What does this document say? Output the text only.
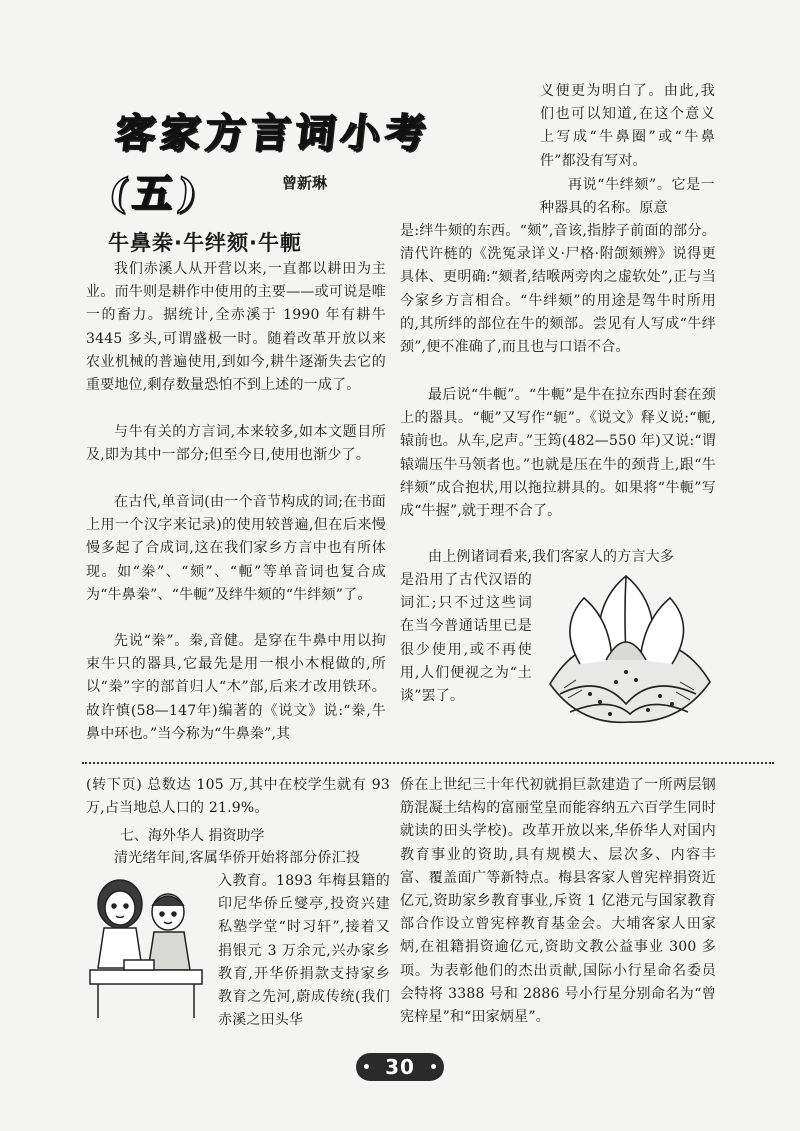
客家方言词小考(五)	曾新琳

牛鼻桊·牛绊颏·牛軛

我们赤溪人从开营以来,一直都以耕田为主业。而牛则是耕作中使用的主要——或可说是唯一的畜力。据统计,全赤溪于 1990 年有耕牛 3445 多头,可谓盛极一时。随着改革开放以来农业机械的普遍使用,到如今,耕牛逐渐失去它的重要地位,剩存数量恐怕不到上述的一成了。

与牛有关的方言词,本来较多,如本文题目所及,即为其中一部分;但至今日,使用也渐少了。

在古代,单音词(由一个音节构成的词;在书面上用一个汉字来记录)的使用较普遍,但在后来慢慢多起了合成词,这在我们家乡方言中也有所体现。如“桊”、“颏”、“軛”等单音词也复合成为“牛鼻桊”、“牛軛”及绊牛颏的“牛绊颏”了。

先说“桊”。桊,音健。是穿在牛鼻中用以拘束牛只的器具,它最先是用一根小木棍做的,所以“桊”字的部首归人“木”部,后来才改用铁环。故许慎(58—147年)编著的《说文》说:“桊,牛鼻中环也。”当今称为“牛鼻桊”,其

义便更为明白了。由此,我们也可以知道,在这个意义上写成“牛鼻圈”或“牛鼻件”都没有写对。

再说“牛绊颏”。它是一种器具的名称。原意

是:绊牛颏的东西。“颏”,音该,指脖子前面的部分。清代许梿的《洗冤录详义·尸格·附颌颏辨》说得更具体、更明确:“颏者,结喉两旁肉之虚软处”,正与当今家乡方言相合。“牛绊颏”的用途是驾牛时所用的,其所绊的部位在牛的颏部。尝见有人写成“牛绊颈”,便不准确了,而且也与口语不合。

最后说“牛軛”。“牛軛”是牛在拉东西时套在颈上的器具。“軛”又写作“轭”。《说文》释义说:“軛,辕前也。从车,戹声。”王筠(482—550 年)又说:“谓辕端压牛马领者也。”也就是压在牛的颈背上,跟“牛绊颏”成合抱状,用以拖拉耕具的。如果将“牛軛”写成“牛握”,就于理不合了。

由上例诸词看来,我们客家人的方言大多

是沿用了古代汉语的词汇;只不过这些词在当今普通话里已是很少使用,或不再使用,人们便视之为“土谈”罢了。

(转下页) 总数达 105 万,其中在校学生就有 93 万,占当地总人口的 21.9%。

七、海外华人 捐资助学

清光绪年间,客属华侨开始将部分侨汇投

入教育。1893 年梅县籍的印尼华侨丘燮亭,投资兴建私塾学堂“时习轩”,接着又捐银元 3 万余元,兴办家乡教育,开华侨捐款支持家乡教育之先河,蔚成传统(我们赤溪之田头华

侨在上世纪三十年代初就捐巨款建造了一所两层钢筋混凝土结构的富丽堂皇而能容纳五六百学生同时就读的田头学校)。改革开放以来,华侨华人对国内教育事业的资助,具有规模大、层次多、内容丰富、覆盖面广等新特点。梅县客家人曾宪梓捐资近亿元,资助家乡教育事业,斥资 1 亿港元与国家教育部合作设立曾宪梓教育基金会。大埔客家人田家炳,在祖籍捐资逾亿元,资助文教公益事业 300 多项。为表彰他们的杰出贡献,国际小行星命名委员会特将 3388 号和 2886 号小行星分别命名为“曾宪梓星”和“田家炳星”。

30
